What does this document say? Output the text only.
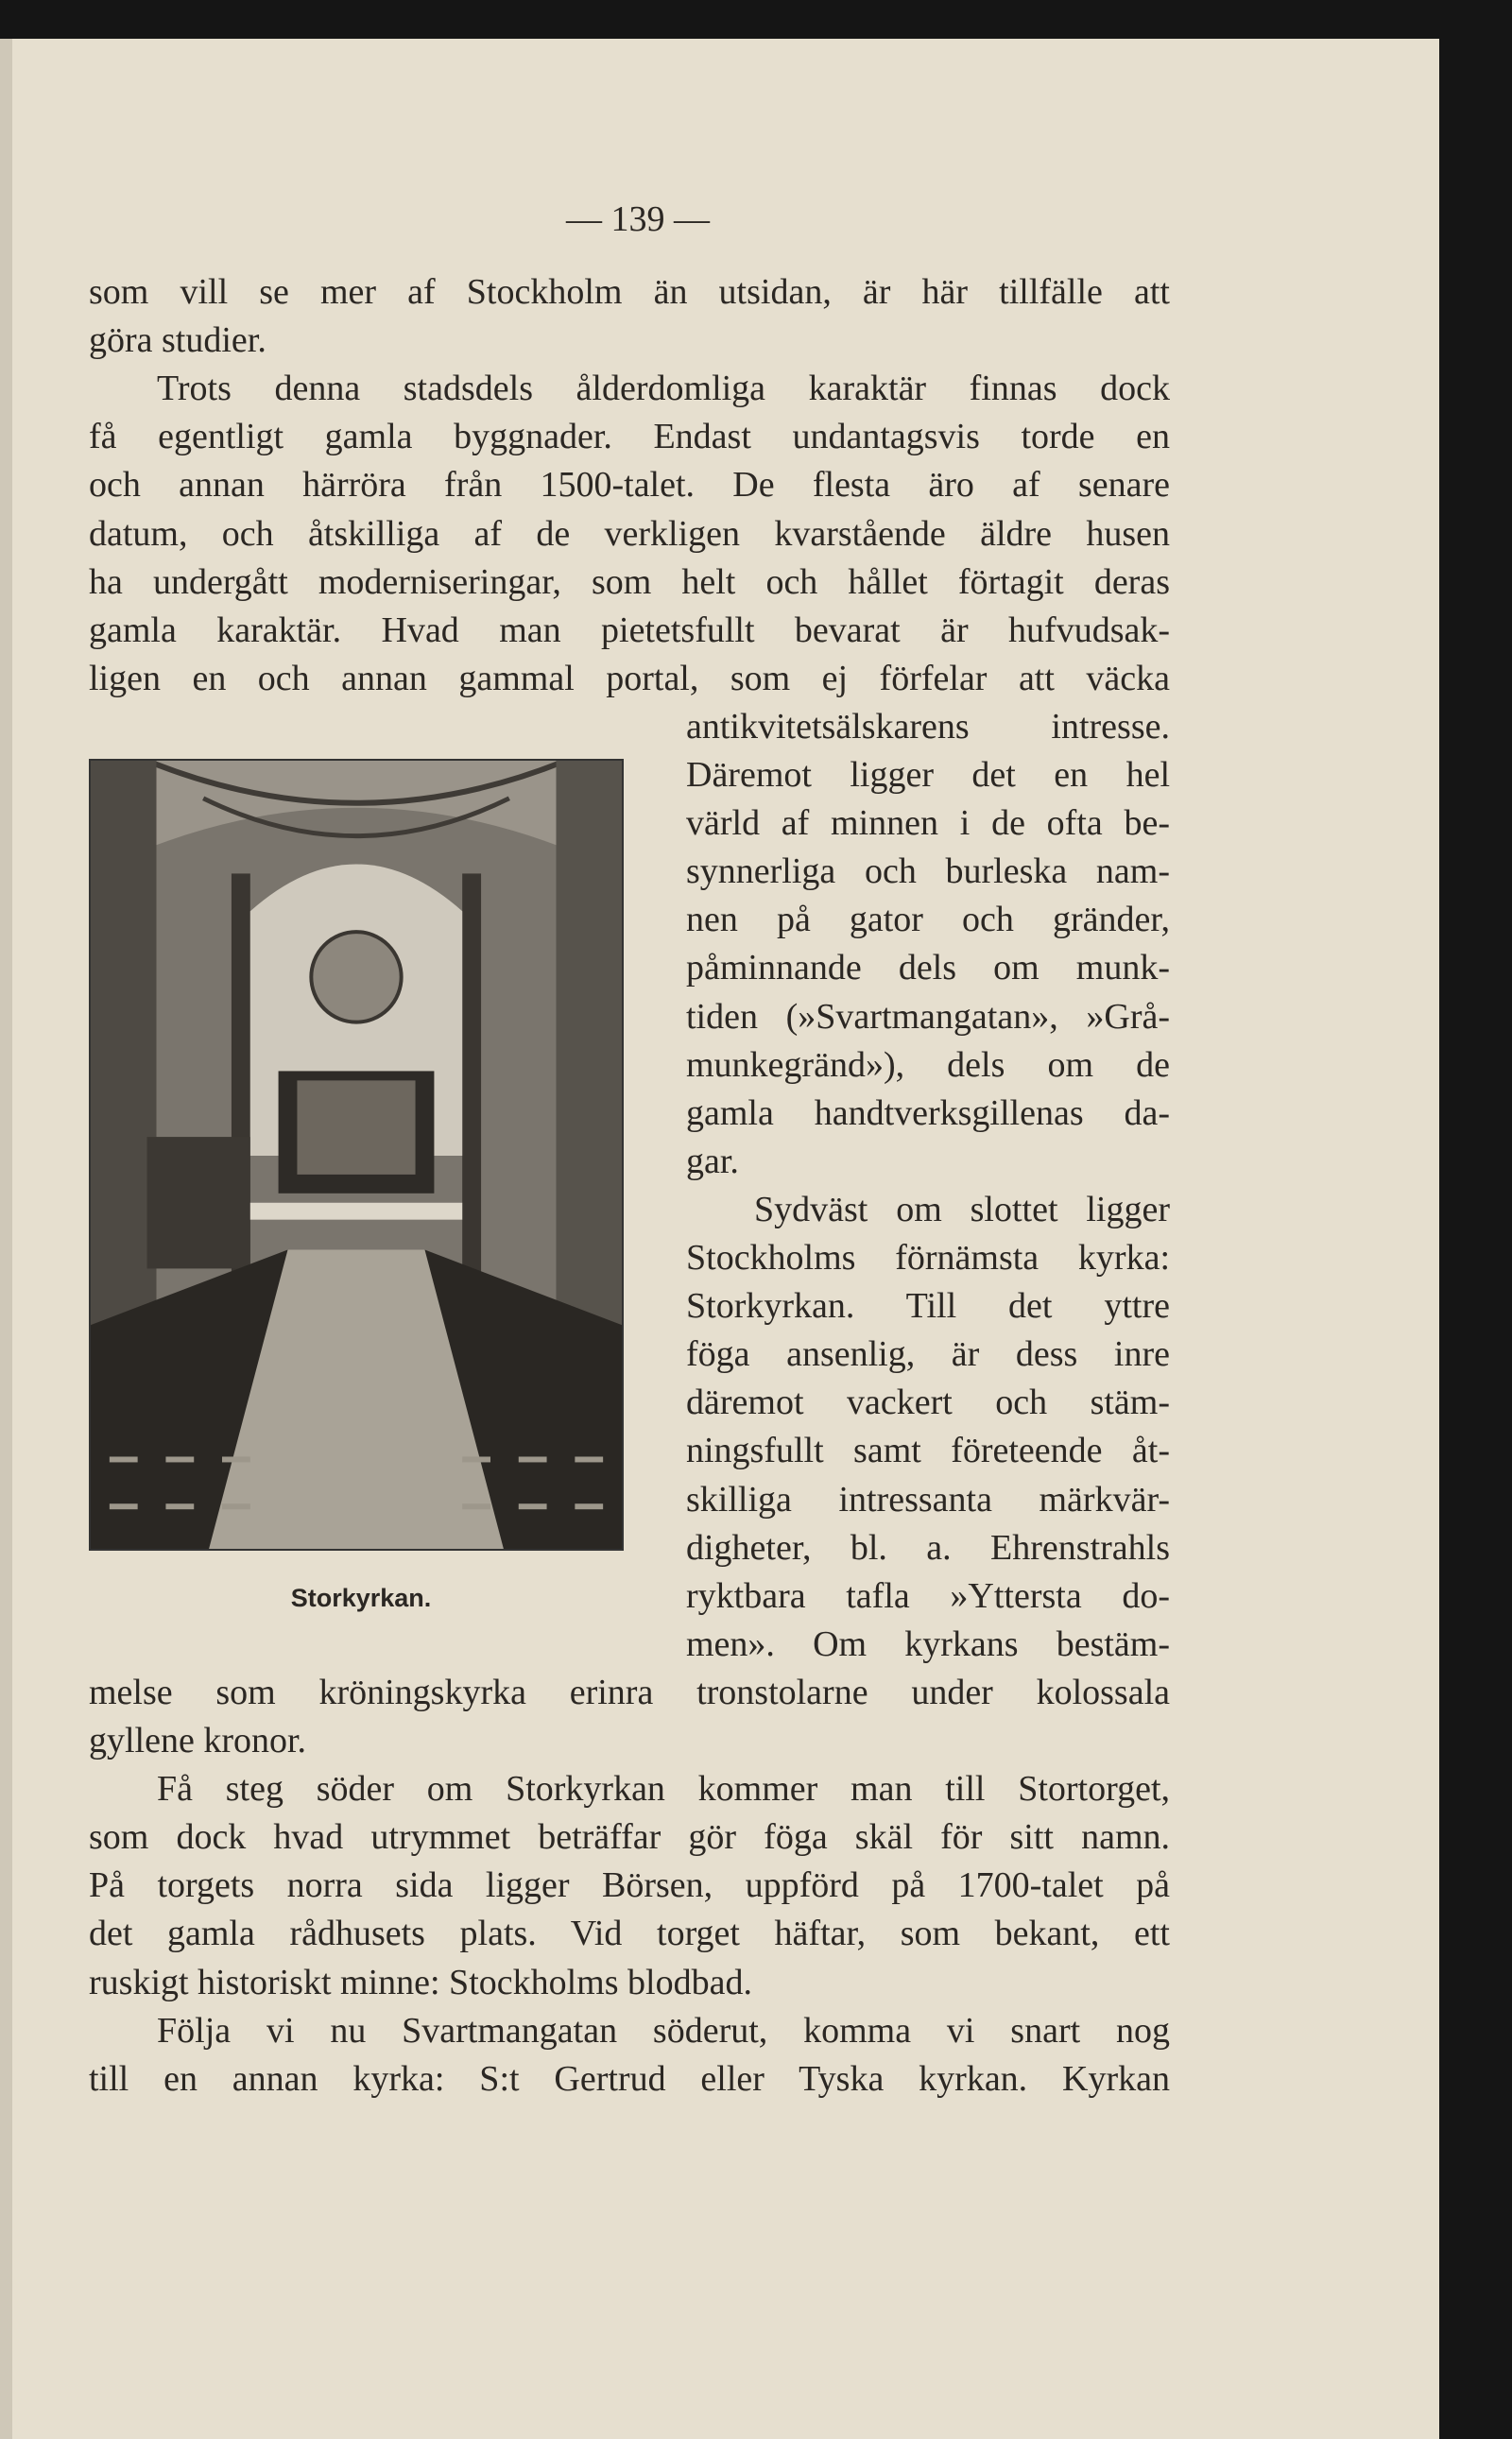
— 139 —
som vill se mer af Stockholm än utsidan, är här tillfälle att
göra studier.
Trots denna stadsdels ålderdomliga karaktär finnas dock
få egentligt gamla byggnader. Endast undantagsvis torde en
och annan härröra från 1500-talet. De flesta äro af senare
datum, och åtskilliga af de verkligen kvarstående äldre husen
ha undergått moderniseringar, som helt och hållet förtagit deras
gamla karaktär. Hvad man pietetsfullt bevarat är hufvudsak-
ligen en och annan gammal portal, som ej förfelar att väcka
antikvitetsälskarens intresse.
Däremot ligger det en hel
värld af minnen i de ofta be-
synnerliga och burleska nam-
nen på gator och gränder,
påminnande dels om munk-
tiden (»Svartmangatan», »Grå-
munkegränd»), dels om de
gamla handtverksgillenas da-
gar.
Sydväst om slottet ligger
Stockholms förnämsta kyrka:
Storkyrkan. Till det yttre
föga ansenlig, är dess inre
däremot vackert och stäm-
ningsfullt samt företeende åt-
skilliga intressanta märkvär-
digheter, bl. a. Ehrenstrahls
ryktbara tafla »Yttersta do-
men». Om kyrkans bestäm-
melse som kröningskyrka erinra tronstolarne under kolossala
gyllene kronor.
Få steg söder om Storkyrkan kommer man till Stortorget,
som dock hvad utrymmet beträffar gör föga skäl för sitt namn.
På torgets norra sida ligger Börsen, uppförd på 1700-talet på
det gamla rådhusets plats. Vid torget häftar, som bekant, ett
ruskigt historiskt minne: Stockholms blodbad.
Följa vi nu Svartmangatan söderut, komma vi snart nog
till en annan kyrka: S:t Gertrud eller Tyska kyrkan. Kyrkan
Storkyrkan.
